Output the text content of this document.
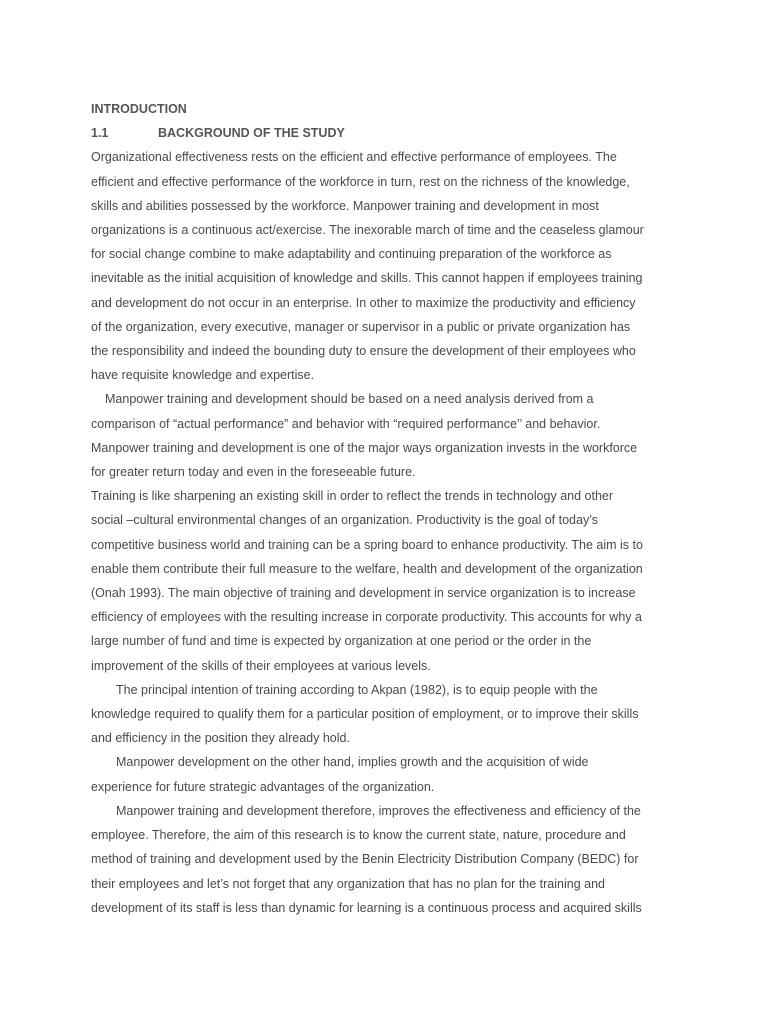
INTRODUCTION
1.1	BACKGROUND OF THE STUDY

Organizational effectiveness rests on the efficient and effective performance of employees. The
efficient and effective performance of the workforce in turn, rest on the richness of the knowledge,
skills and abilities possessed by the workforce. Manpower training and development in most
organizations is a continuous act/exercise. The inexorable march of time and the ceaseless glamour
for social change combine to make adaptability and continuing preparation of the workforce as
inevitable as the initial acquisition of knowledge and skills. This cannot happen if employees training
and development do not occur in an enterprise. In other to maximize the productivity and efficiency
of the organization, every executive, manager or supervisor in a public or private organization has
the responsibility and indeed the bounding duty to ensure the development of their employees who
have requisite knowledge and expertise.

Manpower training and development should be based on a need analysis derived from a
comparison of “actual performance” and behavior with “required performance’’ and behavior.
Manpower training and development is one of the major ways organization invests in the workforce
for greater return today and even in the foreseeable future.

Training is like sharpening an existing skill in order to reflect the trends in technology and other
social –cultural environmental changes of an organization. Productivity is the goal of today’s
competitive business world and training can be a spring board to enhance productivity. The aim is to
enable them contribute their full measure to the welfare, health and development of the organization
(Onah 1993). The main objective of training and development in service organization is to increase
efficiency of employees with the resulting increase in corporate productivity. This accounts for why a
large number of fund and time is expected by organization at one period or the order in the
improvement of the skills of their employees at various levels.

The principal intention of training according to Akpan (1982), is to equip people with the
knowledge required to qualify them for a particular position of employment, or to improve their skills
and efficiency in the position they already hold.

Manpower development on the other hand, implies growth and the acquisition of wide
experience for future strategic advantages of the organization.

Manpower training and development therefore, improves the effectiveness and efficiency of the
employee. Therefore, the aim of this research is to know the current state, nature, procedure and
method of training and development used by the Benin Electricity Distribution Company (BEDC) for
their employees and let’s not forget that any organization that has no plan for the training and
development of its staff is less than dynamic for learning is a continuous process and acquired skills
